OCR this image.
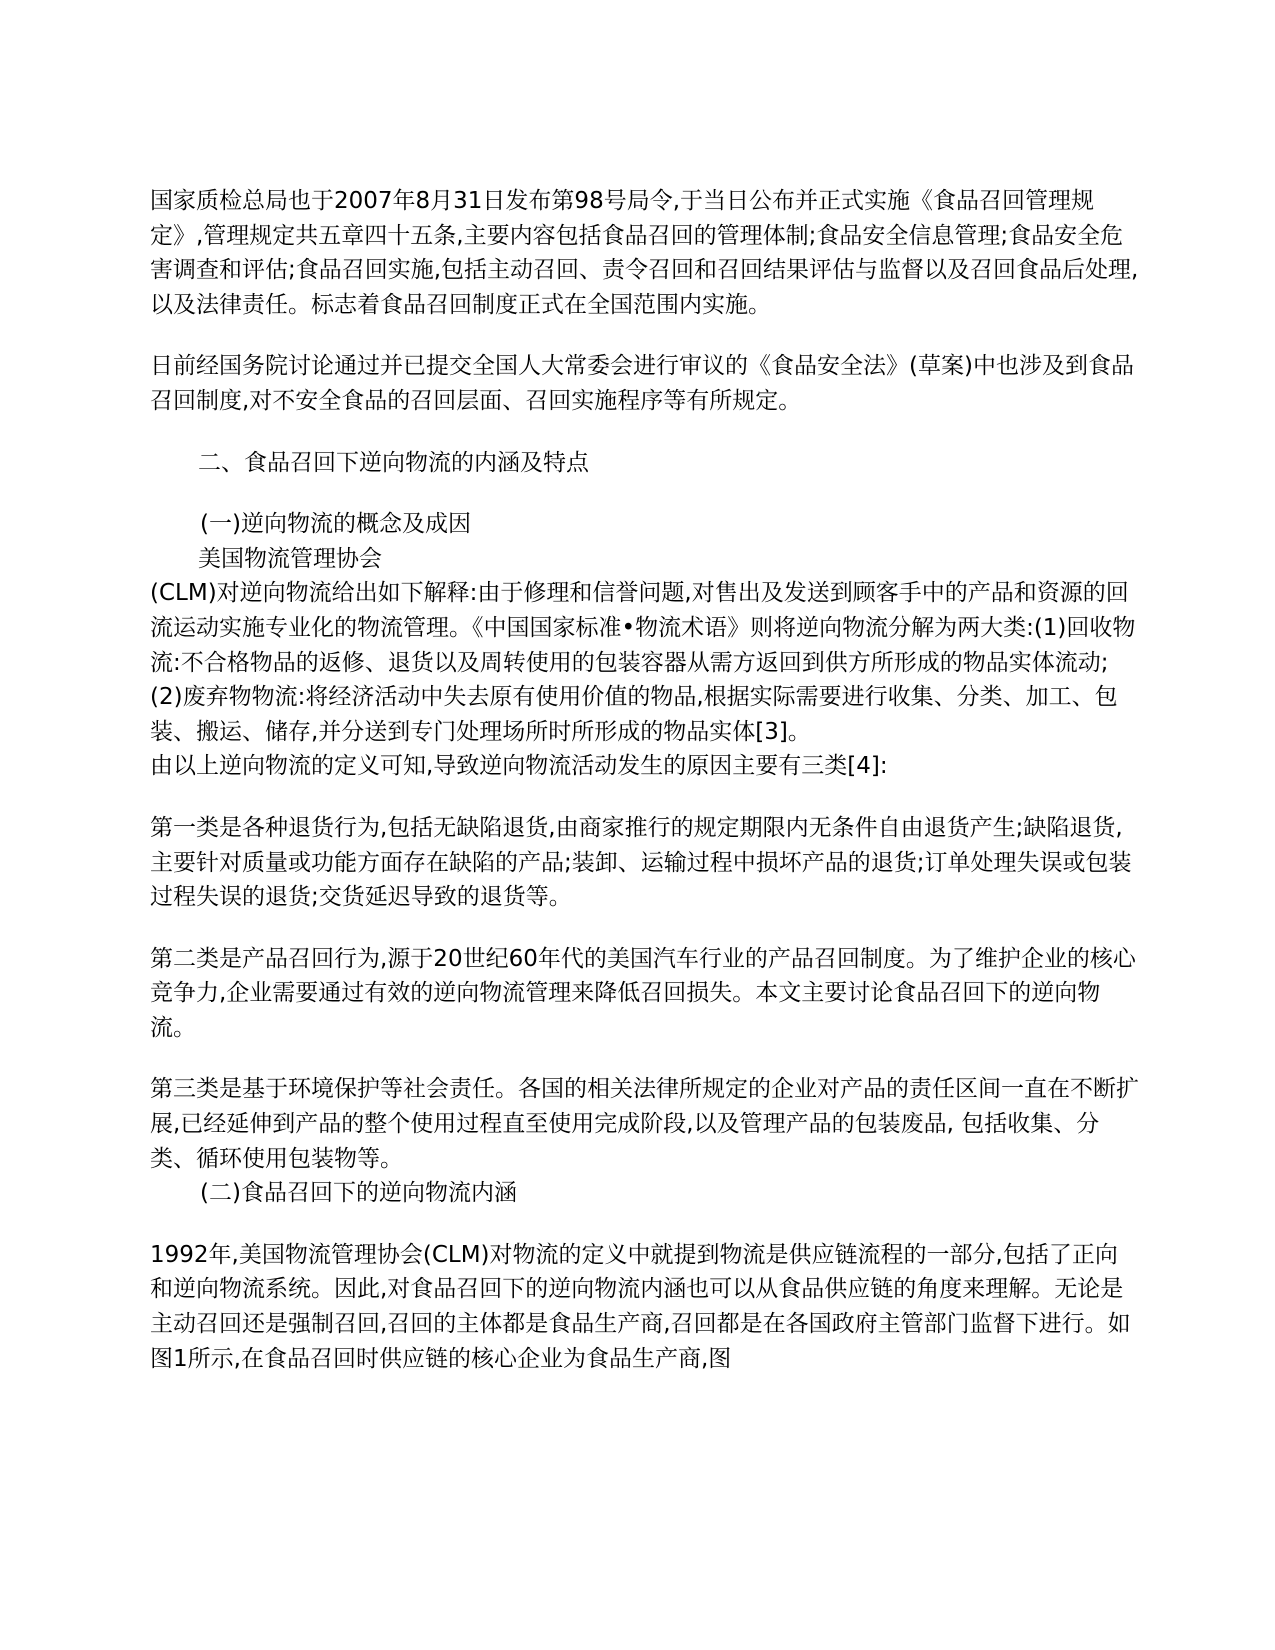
国家质检总局也于2007年8月31日发布第98号局令,于当日公布并正式实施《食品召回管理规定》,管理规定共五章四十五条,主要内容包括食品召回的管理体制;食品安全信息管理;食品安全危害调查和评估;食品召回实施,包括主动召回、责令召回和召回结果评估与监督以及召回食品后处理,以及法律责任。标志着食品召回制度正式在全国范围内实施。

日前经国务院讨论通过并已提交全国人大常委会进行审议的《食品安全法》(草案)中也涉及到食品召回制度,对不安全食品的召回层面、召回实施程序等有所规定。

二、食品召回下逆向物流的内涵及特点

(一)逆向物流的概念及成因

美国物流管理协会

(CLM)对逆向物流给出如下解释:由于修理和信誉问题,对售出及发送到顾客手中的产品和资源的回流运动实施专业化的物流管理。《中国国家标准•物流术语》则将逆向物流分解为两大类:(1)回收物流:不合格物品的返修、退货以及周转使用的包装容器从需方返回到供方所形成的物品实体流动;(2)废弃物物流:将经济活动中失去原有使用价值的物品,根据实际需要进行收集、分类、加工、包装、搬运、储存,并分送到专门处理场所时所形成的物品实体[3]。

由以上逆向物流的定义可知,导致逆向物流活动发生的原因主要有三类[4]:

第一类是各种退货行为,包括无缺陷退货,由商家推行的规定期限内无条件自由退货产生;缺陷退货,主要针对质量或功能方面存在缺陷的产品;装卸、运输过程中损坏产品的退货;订单处理失误或包装过程失误的退货;交货延迟导致的退货等。

第二类是产品召回行为,源于20世纪60年代的美国汽车行业的产品召回制度。为了维护企业的核心竞争力,企业需要通过有效的逆向物流管理来降低召回损失。本文主要讨论食品召回下的逆向物流。

第三类是基于环境保护等社会责任。各国的相关法律所规定的企业对产品的责任区间一直在不断扩展,已经延伸到产品的整个使用过程直至使用完成阶段,以及管理产品的包装废品, 包括收集、分类、循环使用包装物等。

(二)食品召回下的逆向物流内涵

1992年,美国物流管理协会(CLM)对物流的定义中就提到物流是供应链流程的一部分,包括了正向和逆向物流系统。因此,对食品召回下的逆向物流内涵也可以从食品供应链的角度来理解。无论是主动召回还是强制召回,召回的主体都是食品生产商,召回都是在各国政府主管部门监督下进行。如图1所示,在食品召回时供应链的核心企业为食品生产商,图
